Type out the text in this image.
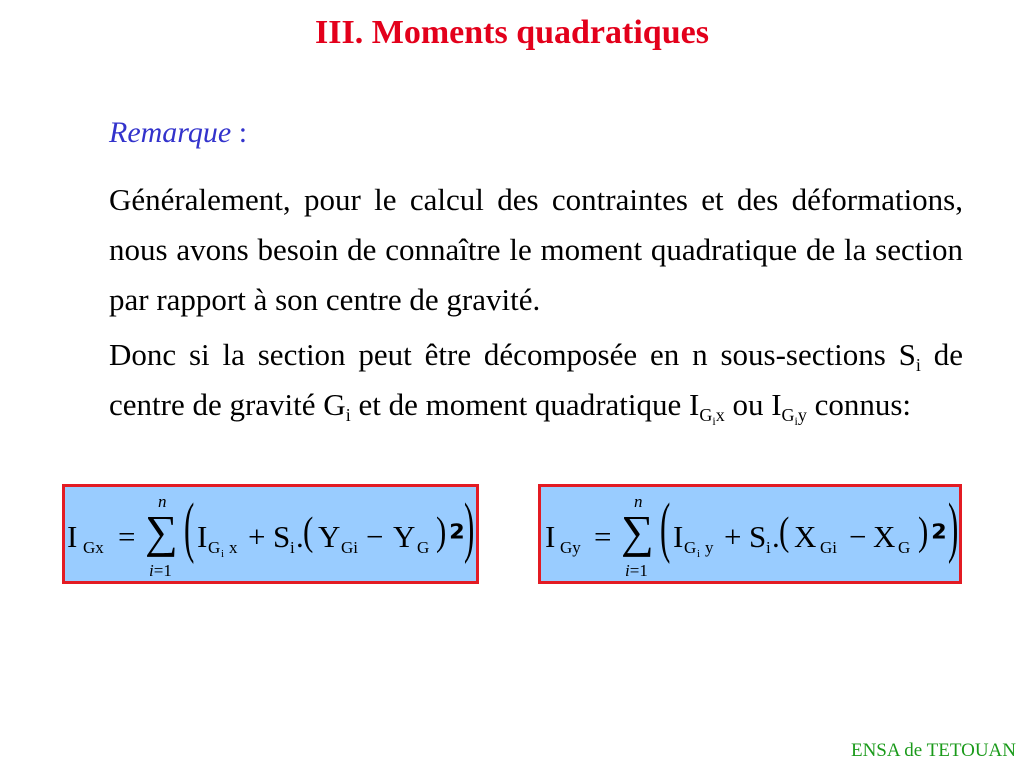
III. Moments quadratiques
Remarque :

Généralement, pour le calcul des contraintes et des déformations, nous avons besoin de connaître le moment quadratique de la section par rapport à son centre de gravité.

Donc si la section peut être décomposée en n sous-sections $S_i$ de centre de gravité $G_i$ et de moment quadratique $I_{G_ix}$ ou $I_{G_iy}$ connus:

I Gx = ∑
n
i=1
( I G i x + S i . ( Y Gi − Y G ) ² ) I Gy = ∑
n
i=1
( I G i y + S i . ( X Gi − X G ) ² )
ENSA de TETOUAN
